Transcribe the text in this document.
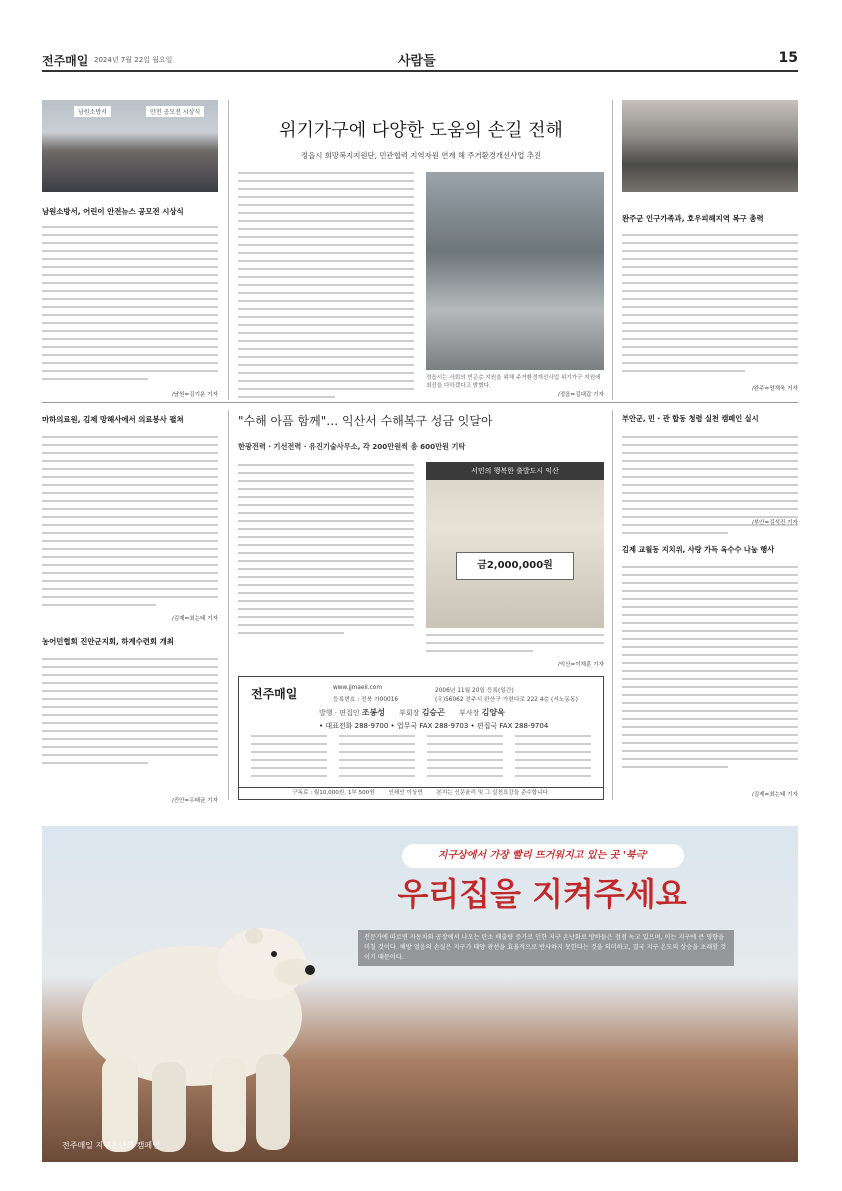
전주매일 2024년 7월 22일 월요일	사람들	15
남원소방서	안전 공모전 시상식
남원소방서, 어린이 안전뉴스 공모전 시상식
/남원=김기운 기자
위기가구에 다양한 도움의 손길 전해
정읍시 희망복지지원단, 민관협력 지역자원 연계 해 주거환경개선사업 추진
정읍시는 사회의 빈곤층 지원을 위해 주거환경개선사업 위기가구 지원에 최선을 다하겠다고 밝혔다.
/정읍=김대갑 기자
완주군 인구가족과, 호우피해지역 복구 총력
/완주=엄재욱 기자
마하의료원, 김제 망해사에서 의료봉사 펼쳐
/김제=최는태 기자
농어민협회 진안군지회, 하계수련회 개최
/진안=우태균 기자
"수해 아픔 함께"… 익산서 수해복구 성금 잇달아
한광전력 · 기선전력 · 유진기술사무소, 각 200만원씩 총 600만원 기탁
서민의 행복한 출발도시 익산
금2,000,000원
/익산=이재훈 기자
전주매일	www.jjmaeil.com
등록번호 : 전북 가00016
2006년 11월 20일 등록(일간)
(우)56062 전주시 완산구 가련다로 222 4층 (서노동동)
발행 · 편집인 조봉성 부회장 김승곤 부사장 김양욱
• 대표전화 288-9700 • 업무국 FAX 288-9703 • 편집국 FAX 288-9704
구독료 : 월10,000원, 1부 500원 인쇄인 이상면 본지는 신문윤리 및 그 실천요강을 준수합니다.
부안군, 민 · 관 합동 청렴 실천 캠페인 실시
/부안=김석진 기자
김제 교월동 지치위, 사랑 가득 옥수수 나눔 행사
/김제=최는태 기자
지구상에서 가장 빨리 뜨거워지고 있는 곳 '북극'
우리집을 지켜주세요
전문가에 따르면 자동차와 공장에서 나오는 탄소 배출량 증가로 인한 지구 온난화로 방하들은 점점 녹고 있으며, 이는 지구에 큰 영향을 미칠 것이다. 해방 얼음의 손실은 지구가 태양 광선을 효율적으로 반사하지 못한다는 것을 의미하고, 결국 지구 온도의 상승을 초래할 것이기 때문이다.
전주매일 지구온난화 캠페인
